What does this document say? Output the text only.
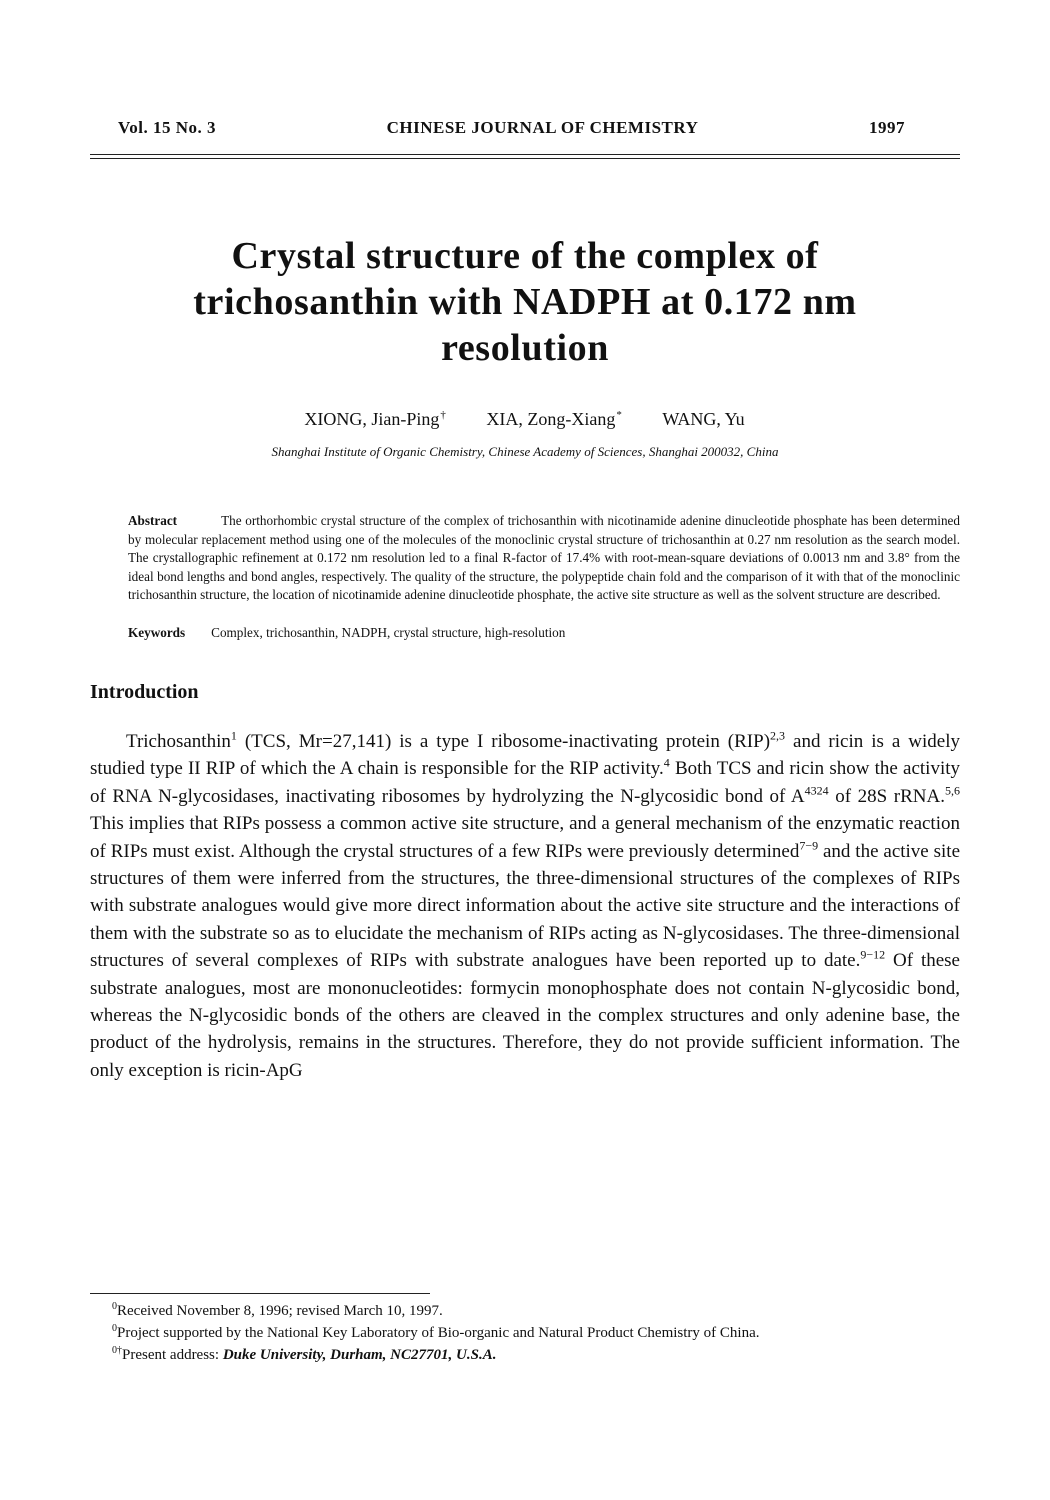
Vol. 15 No. 3	CHINESE JOURNAL OF CHEMISTRY	1997
Crystal structure of the complex of
trichosanthin with NADPH at 0.172 nm
resolution
XIONG, Jian-Ping† XIA, Zong-Xiang* WANG, Yu
Shanghai Institute of Organic Chemistry, Chinese Academy of Sciences, Shanghai 200032, China
Abstract	The orthorhombic crystal structure of the complex of trichosanthin with nicotinamide adenine dinucleotide phosphate has been determined by molecular replacement method using one of the molecules of the monoclinic crystal structure of trichosanthin at 0.27 nm resolution as the search model. The crystallographic refinement at 0.172 nm resolution led to a final R-factor of 17.4% with root-mean-square deviations of 0.0013 nm and 3.8° from the ideal bond lengths and bond angles, respectively. The quality of the structure, the polypeptide chain fold and the comparison of it with that of the monoclinic trichosanthin structure, the location of nicotinamide adenine dinucleotide phosphate, the active site structure as well as the solvent structure are described.
Keywords Complex, trichosanthin, NADPH, crystal structure, high-resolution
Introduction
Trichosanthin$^1$ (TCS, Mr=27,141) is a type I ribosome-inactivating protein (RIP)$^{2,3}$ and ricin is a widely studied type II RIP of which the A chain is responsible for the RIP activity.$^4$ Both TCS and ricin show the activity of RNA N-glycosidases, inactivating ribosomes by hydrolyzing the N-glycosidic bond of $A^{4324}$ of 28S rRNA.$^{5,6}$ This implies that RIPs possess a common active site structure, and a general mechanism of the enzymatic reaction of RIPs must exist. Although the crystal structures of a few RIPs were previously determined$^{7-9}$ and the active site structures of them were inferred from the structures, the three-dimensional structures of the complexes of RIPs with substrate analogues would give more direct information about the active site structure and the interactions of them with the substrate so as to elucidate the mechanism of RIPs acting as N-glycosidases. The three-dimensional structures of several complexes of RIPs with substrate analogues have been reported up to date.$^{9-12}$ Of these substrate analogues, most are mononucleotides: formycin monophosphate does not contain N-glycosidic bond, whereas the N-glycosidic bonds of the others are cleaved in the complex structures and only adenine base, the product of the hydrolysis, remains in the structures. Therefore, they do not provide sufficient information. The only exception is ricin-ApG
$^0$Received November 8, 1996; revised March 10, 1997.
$^0$Project supported by the National Key Laboratory of Bio-organic and Natural Product Chemistry of China.
$^{0\dagger}$Present address: Duke University, Durham, NC27701, U.S.A.
